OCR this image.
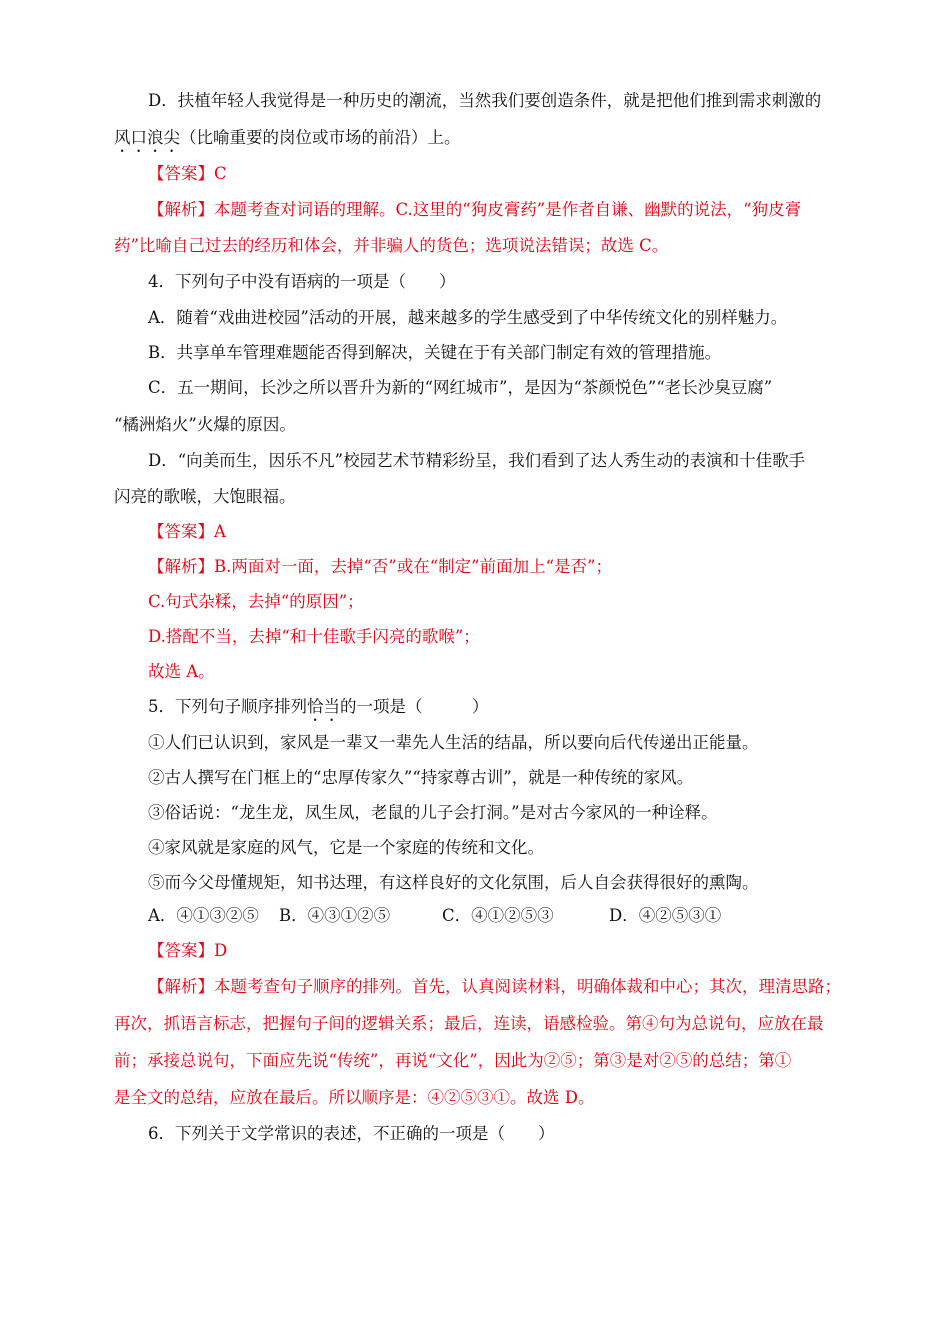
D．扶植年轻人我觉得是一种历史的潮流，当然我们要创造条件，就是把他们推到需求刺激的
风口浪尖（比喻重要的岗位或市场的前沿）上。
【答案】C
【解析】本题考查对词语的理解。C.这里的“狗皮膏药”是作者自谦、幽默的说法，“狗皮膏
药”比喻自己过去的经历和体会，并非骗人的货色；选项说法错误；故选 C。
4．下列句子中没有语病的一项是（　　）
A．随着“戏曲进校园”活动的开展，越来越多的学生感受到了中华传统文化的别样魅力。
B．共享单车管理难题能否得到解决，关键在于有关部门制定有效的管理措施。
C．五一期间，长沙之所以晋升为新的“网红城市”，是因为“茶颜悦色”“老长沙臭豆腐”
“橘洲焰火”火爆的原因。
D．“向美而生，因乐不凡”校园艺术节精彩纷呈，我们看到了达人秀生动的表演和十佳歌手
闪亮的歌喉，大饱眼福。
【答案】A
【解析】B.两面对一面，去掉“否”或在“制定”前面加上“是否”；
C.句式杂糅，去掉“的原因”；
D.搭配不当，去掉“和十佳歌手闪亮的歌喉”；
故选 A。
5．下列句子顺序排列恰当的一项是（　　　）
①人们已认识到，家风是一辈又一辈先人生活的结晶，所以要向后代传递出正能量。
②古人撰写在门框上的“忠厚传家久”“持家尊古训”，就是一种传统的家风。
③俗话说：“龙生龙，凤生凤，老鼠的儿子会打洞。”是对古今家风的一种诠释。
④家风就是家庭的风气，它是一个家庭的传统和文化。
⑤而今父母懂规矩，知书达理，有这样良好的文化氛围，后人自会获得很好的熏陶。
A．④①③②⑤ B．④③①②⑤	C．④①②⑤③	D．④②⑤③①
【答案】D
【解析】本题考查句子顺序的排列。首先，认真阅读材料，明确体裁和中心；其次，理清思路；
再次，抓语言标志，把握句子间的逻辑关系；最后，连读，语感检验。第④句为总说句，应放在最
前；承接总说句，下面应先说“传统”，再说“文化”，因此为②⑤；第③是对②⑤的总结；第①
是全文的总结，应放在最后。所以顺序是：④②⑤③①。故选 D。
6．下列关于文学常识的表述，不正确的一项是（　　）
